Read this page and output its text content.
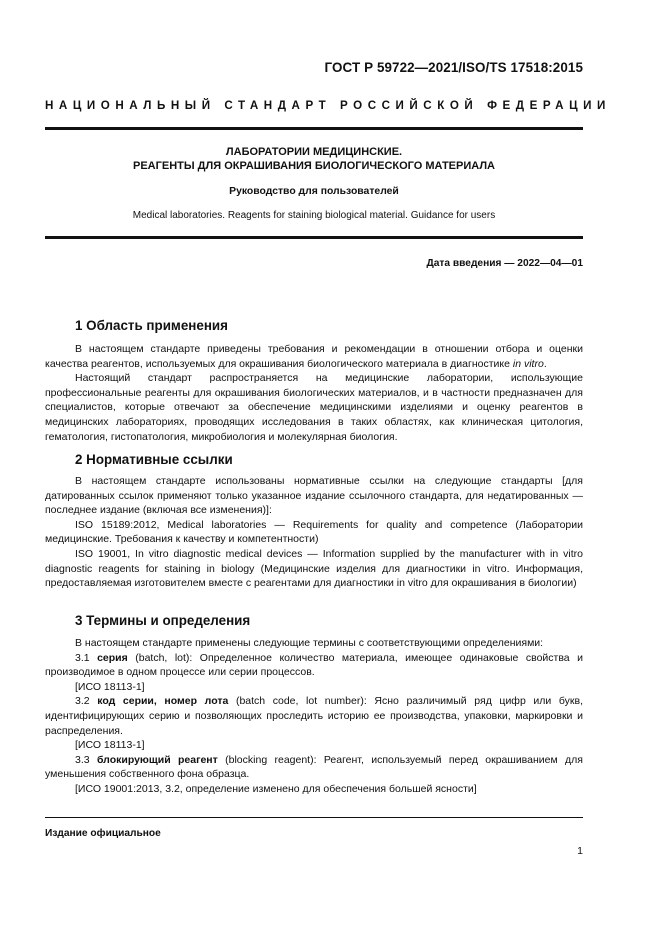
ГОСТ Р 59722—2021/ISO/TS 17518:2015
НАЦИОНАЛЬНЫЙ СТАНДАРТ РОССИЙСКОЙ ФЕДЕРАЦИИ
ЛАБОРАТОРИИ МЕДИЦИНСКИЕ.
РЕАГЕНТЫ ДЛЯ ОКРАШИВАНИЯ БИОЛОГИЧЕСКОГО МАТЕРИАЛА
Руководство для пользователей
Medical laboratories. Reagents for staining biological material. Guidance for users
Дата введения — 2022—04—01
1 Область применения

В настоящем стандарте приведены требования и рекомендации в отношении отбора и оценки качества реагентов, используемых для окрашивания биологического материала в диагностике in vitro.

Настоящий стандарт распространяется на медицинские лаборатории, использующие профессиональные реагенты для окрашивания биологических материалов, и в частности предназначен для специалистов, которые отвечают за обеспечение медицинскими изделиями и оценку реагентов в медицинских лабораториях, проводящих исследования в таких областях, как клиническая цитология, гематология, гистопатология, микробиология и молекулярная биология.

2 Нормативные ссылки

В настоящем стандарте использованы нормативные ссылки на следующие стандарты [для датированных ссылок применяют только указанное издание ссылочного стандарта, для недатированных — последнее издание (включая все изменения)]:

ISO 15189:2012, Medical laboratories — Requirements for quality and competence (Лаборатории медицинские. Требования к качеству и компетентности)

ISO 19001, In vitro diagnostic medical devices — Information supplied by the manufacturer with in vitro diagnostic reagents for staining in biology (Медицинские изделия для диагностики in vitro. Информация, предоставляемая изготовителем вместе с реагентами для диагностики in vitro для окрашивания в биологии)

3 Термины и определения

В настоящем стандарте применены следующие термины с соответствующими определениями:

3.1 серия (batch, lot): Определенное количество материала, имеющее одинаковые свойства и производимое в одном процессе или серии процессов.

[ИСО 18113-1]

3.2 код серии, номер лота (batch code, lot number): Ясно различимый ряд цифр или букв, идентифицирующих серию и позволяющих проследить историю ее производства, упаковки, маркировки и распределения.

[ИСО 18113-1]

3.3 блокирующий реагент (blocking reagent): Реагент, используемый перед окрашиванием для уменьшения собственного фона образца.

[ИСО 19001:2013, 3.2, определение изменено для обеспечения большей ясности]

Издание официальное
1
